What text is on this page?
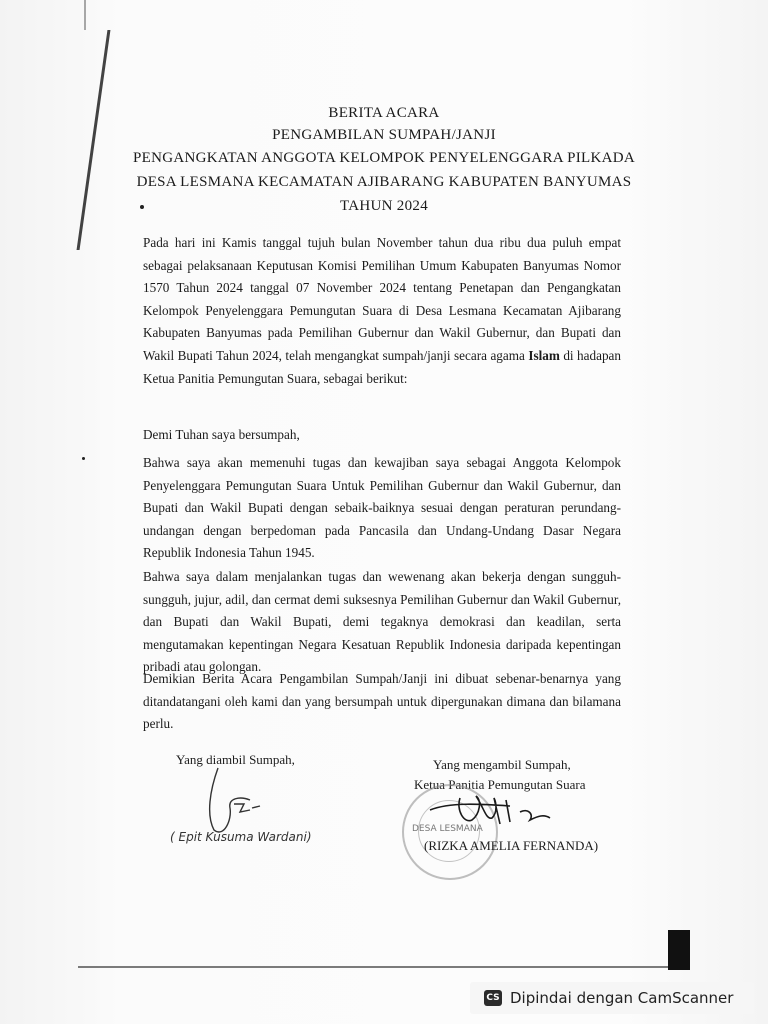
BERITA ACARA
PENGAMBILAN SUMPAH/JANJI
PENGANGKATAN ANGGOTA KELOMPOK PENYELENGGARA PILKADA
DESA LESMANA KECAMATAN AJIBARANG KABUPATEN BANYUMAS
TAHUN 2024
Pada hari ini Kamis tanggal tujuh bulan November tahun dua ribu dua puluh empat sebagai pelaksanaan Keputusan Komisi Pemilihan Umum Kabupaten Banyumas Nomor 1570 Tahun 2024 tanggal 07 November 2024 tentang Penetapan dan Pengangkatan Kelompok Penyelenggara Pemungutan Suara di Desa Lesmana Kecamatan Ajibarang Kabupaten Banyumas pada Pemilihan Gubernur dan Wakil Gubernur, dan Bupati dan Wakil Bupati Tahun 2024, telah mengangkat sumpah/janji secara agama Islam di hadapan Ketua Panitia Pemungutan Suara, sebagai berikut:
Demi Tuhan saya bersumpah,
Bahwa saya akan memenuhi tugas dan kewajiban saya sebagai Anggota Kelompok Penyelenggara Pemungutan Suara Untuk Pemilihan Gubernur dan Wakil Gubernur, dan Bupati dan Wakil Bupati dengan sebaik-baiknya sesuai dengan peraturan perundang-undangan dengan berpedoman pada Pancasila dan Undang-Undang Dasar Negara Republik Indonesia Tahun 1945.
Bahwa saya dalam menjalankan tugas dan wewenang akan bekerja dengan sungguh-sungguh, jujur, adil, dan cermat demi suksesnya Pemilihan Gubernur dan Wakil Gubernur, dan Bupati dan Wakil Bupati, demi tegaknya demokrasi dan keadilan, serta mengutamakan kepentingan Negara Kesatuan Republik Indonesia daripada kepentingan pribadi atau golongan.
Demikian Berita Acara Pengambilan Sumpah/Janji ini dibuat sebenar-benarnya yang ditandatangani oleh kami dan yang bersumpah untuk dipergunakan dimana dan bilamana perlu.
Yang diambil Sumpah,
( Epit Kusuma Wardani)
Yang mengambil Sumpah,
Ketua Panitia Pemungutan Suara
DESA LESMANA
(RIZKA AMELIA FERNANDA)
CS Dipindai dengan CamScanner
